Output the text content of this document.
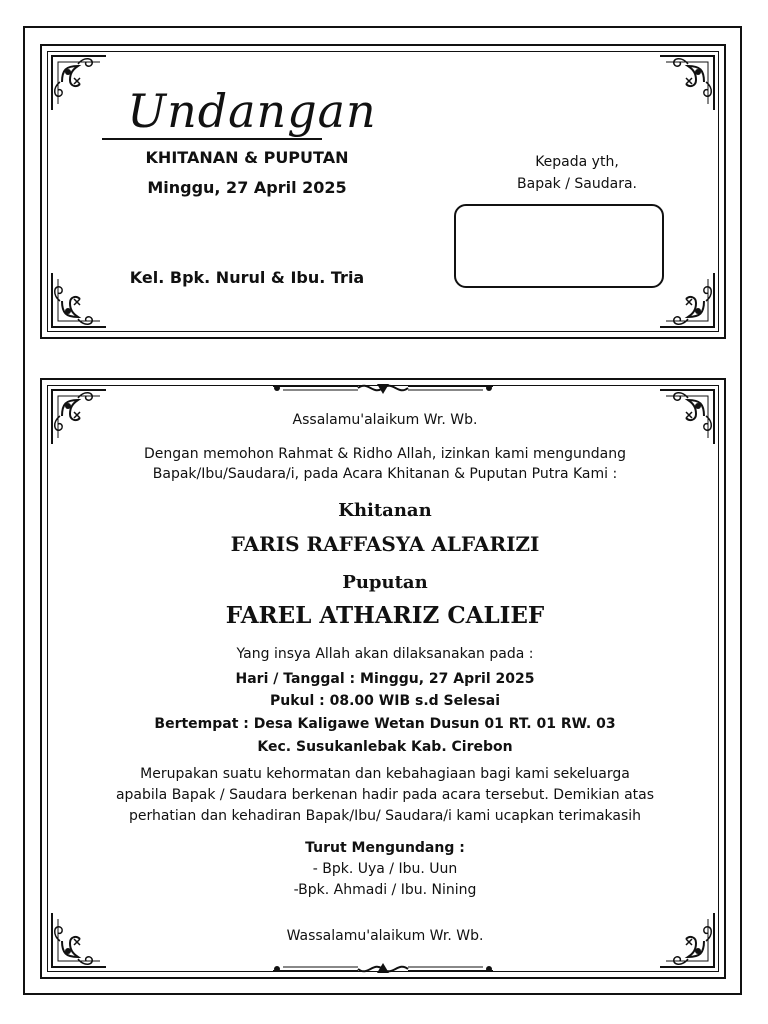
Undangan
KHITANAN & PUPUTAN
Minggu, 27 April 2025
Kel. Bpk. Nurul & Ibu. Tria
Kepada yth,
Bapak / Saudara.
Assalamu'alaikum Wr. Wb.
Dengan memohon Rahmat & Ridho Allah, izinkan kami mengundang
Bapak/Ibu/Saudara/i, pada Acara Khitanan & Puputan Putra Kami :
Khitanan
FARIS RAFFASYA ALFARIZI
Puputan
FAREL ATHARIZ CALIEF
Yang insya Allah akan dilaksanakan pada :
Hari / Tanggal : Minggu, 27 April 2025
Pukul : 08.00 WIB s.d Selesai
Bertempat : Desa Kaligawe Wetan Dusun 01 RT. 01 RW. 03
Kec. Susukanlebak Kab. Cirebon
Merupakan suatu kehormatan dan kebahagiaan bagi kami sekeluarga
apabila Bapak / Saudara berkenan hadir pada acara tersebut. Demikian atas
perhatian dan kehadiran Bapak/Ibu/ Saudara/i kami ucapkan terimakasih
Turut Mengundang :
- Bpk. Uya / Ibu. Uun
-Bpk. Ahmadi / Ibu. Nining
Wassalamu'alaikum Wr. Wb.
